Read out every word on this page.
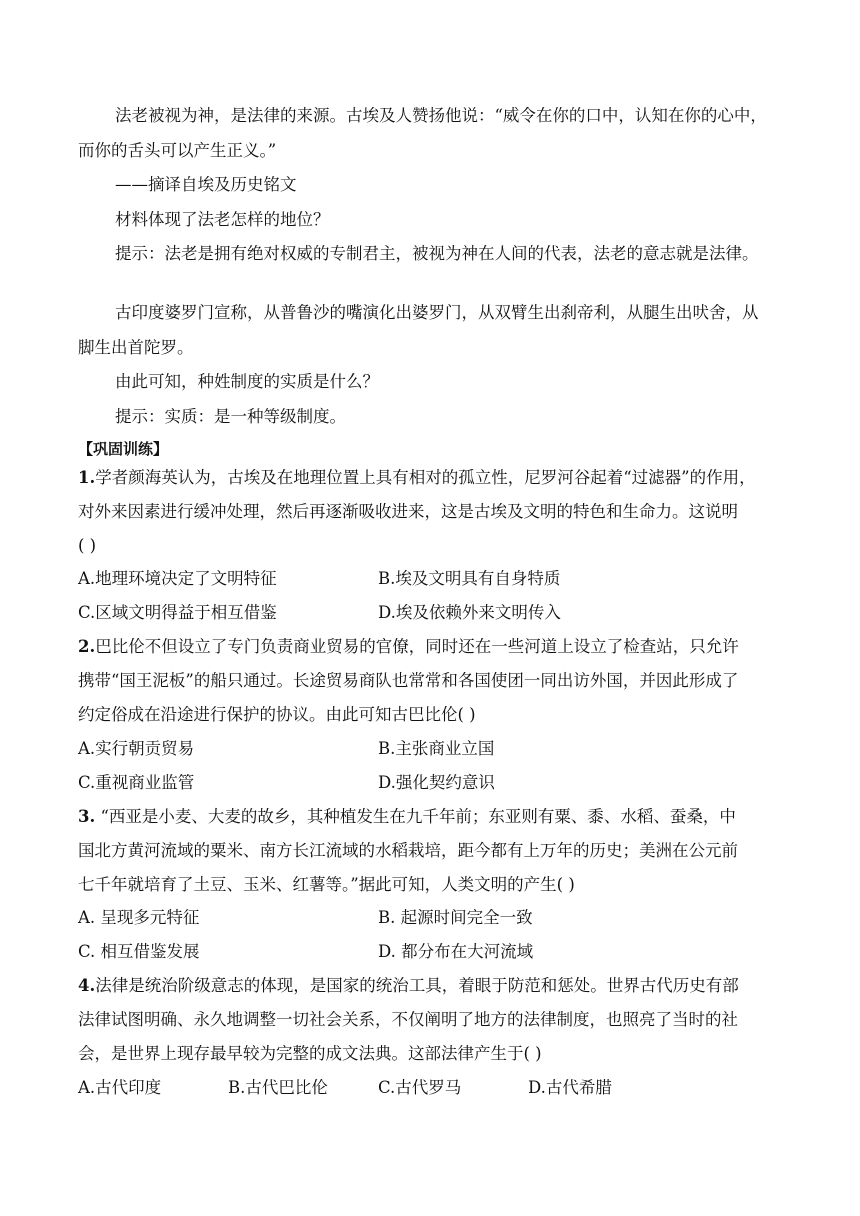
法老被视为神，是法律的来源。古埃及人赞扬他说：“威令在你的口中，认知在你的心中，
而你的舌头可以产生正义。”
——摘译自埃及历史铭文
材料体现了法老怎样的地位？
提示：法老是拥有绝对权威的专制君主，被视为神在人间的代表，法老的意志就是法律。
古印度婆罗门宣称，从普鲁沙的嘴演化出婆罗门，从双臂生出刹帝利，从腿生出吠舍，从
脚生出首陀罗。
由此可知，种姓制度的实质是什么？
提示：实质：是一种等级制度。
【巩固训练】
1.学者颜海英认为，古埃及在地理位置上具有相对的孤立性，尼罗河谷起着“过滤器”的作用，
对外来因素进行缓冲处理，然后再逐渐吸收进来，这是古埃及文明的特色和生命力。这说明
( )
A.地理环境决定了文明特征	B.埃及文明具有自身特质
C.区域文明得益于相互借鉴	D.埃及依赖外来文明传入
2.巴比伦不但设立了专门负责商业贸易的官僚，同时还在一些河道上设立了检查站，只允许
携带“国王泥板”的船只通过。长途贸易商队也常常和各国使团一同出访外国，并因此形成了
约定俗成在沿途进行保护的协议。由此可知古巴比伦( )
A.实行朝贡贸易	B.主张商业立国
C.重视商业监管	D.强化契约意识
3. “西亚是小麦、大麦的故乡，其种植发生在九千年前；东亚则有粟、黍、水稻、蚕桑，中
国北方黄河流域的粟米、南方长江流域的水稻栽培，距今都有上万年的历史；美洲在公元前
七千年就培育了土豆、玉米、红薯等。”据此可知，人类文明的产生( )
A. 呈现多元特征	B. 起源时间完全一致
C. 相互借鉴发展	D. 都分布在大河流域
4.法律是统治阶级意志的体现，是国家的统治工具，着眼于防范和惩处。世界古代历史有部
法律试图明确、永久地调整一切社会关系，不仅阐明了地方的法律制度，也照亮了当时的社
会，是世界上现存最早较为完整的成文法典。这部法律产生于( )
A.古代印度	B.古代巴比伦	C.古代罗马	D.古代希腊
